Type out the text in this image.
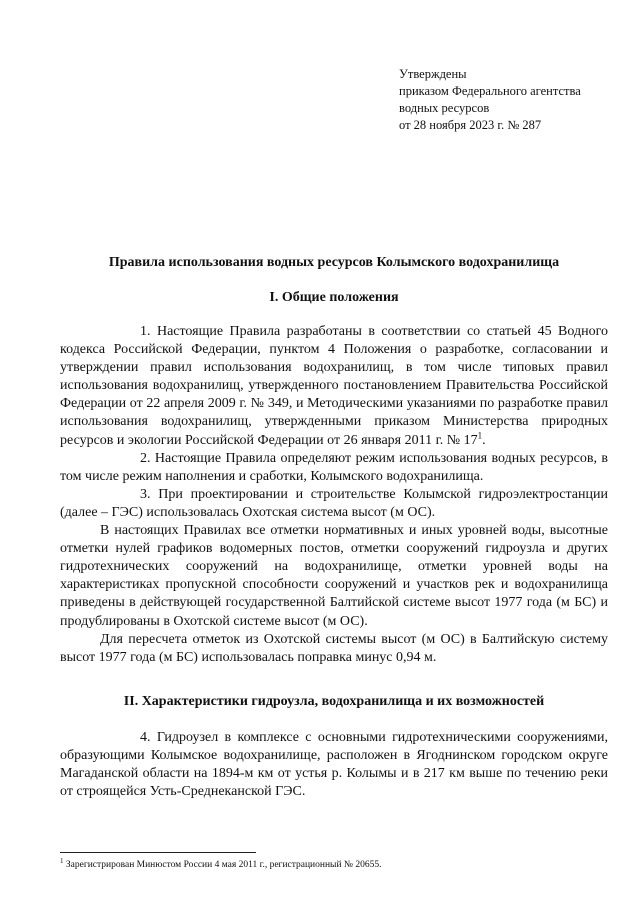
Утверждены
приказом Федерального агентства
водных ресурсов
от 28 ноября 2023 г. № 287
Правила использования водных ресурсов Колымского водохранилища
I. Общие положения

1. Настоящие Правила разработаны в соответствии со статьей 45 Водного кодекса Российской Федерации, пунктом 4 Положения о разработке, согласовании и утверждении правил использования водохранилищ, в том числе типовых правил использования водохранилищ, утвержденного постановлением Правительства Российской Федерации от 22 апреля 2009 г. № 349, и Методическими указаниями по разработке правил использования водохранилищ, утвержденными приказом Министерства природных ресурсов и экологии Российской Федерации от 26 января 2011 г. № $17^1$.

2. Настоящие Правила определяют режим использования водных ресурсов, в том числе режим наполнения и сработки, Колымского водохранилища.

3. При проектировании и строительстве Колымской гидроэлектростанции (далее – ГЭС) использовалась Охотская система высот (м ОС).

В настоящих Правилах все отметки нормативных и иных уровней воды, высотные отметки нулей графиков водомерных постов, отметки сооружений гидроузла и других гидротехнических сооружений на водохранилище, отметки уровней воды на характеристиках пропускной способности сооружений и участков рек и водохранилища приведены в действующей государственной Балтийской системе высот 1977 года (м БС) и продублированы в Охотской системе высот (м ОС).

Для пересчета отметок из Охотской системы высот (м ОС) в Балтийскую систему высот 1977 года (м БС) использовалась поправка минус 0,94 м.

II. Характеристики гидроузла, водохранилища и их возможностей

4. Гидроузел в комплексе с основными гидротехническими сооружениями, образующими Колымское водохранилище, расположен в Ягоднинском городском округе Магаданской области на 1894-м км от устья р. Колымы и в 217 км выше по течению реки от строящейся Усть-Среднеканской ГЭС.

$^1$ Зарегистрирован Минюстом России 4 мая 2011 г., регистрационный № 20655.
